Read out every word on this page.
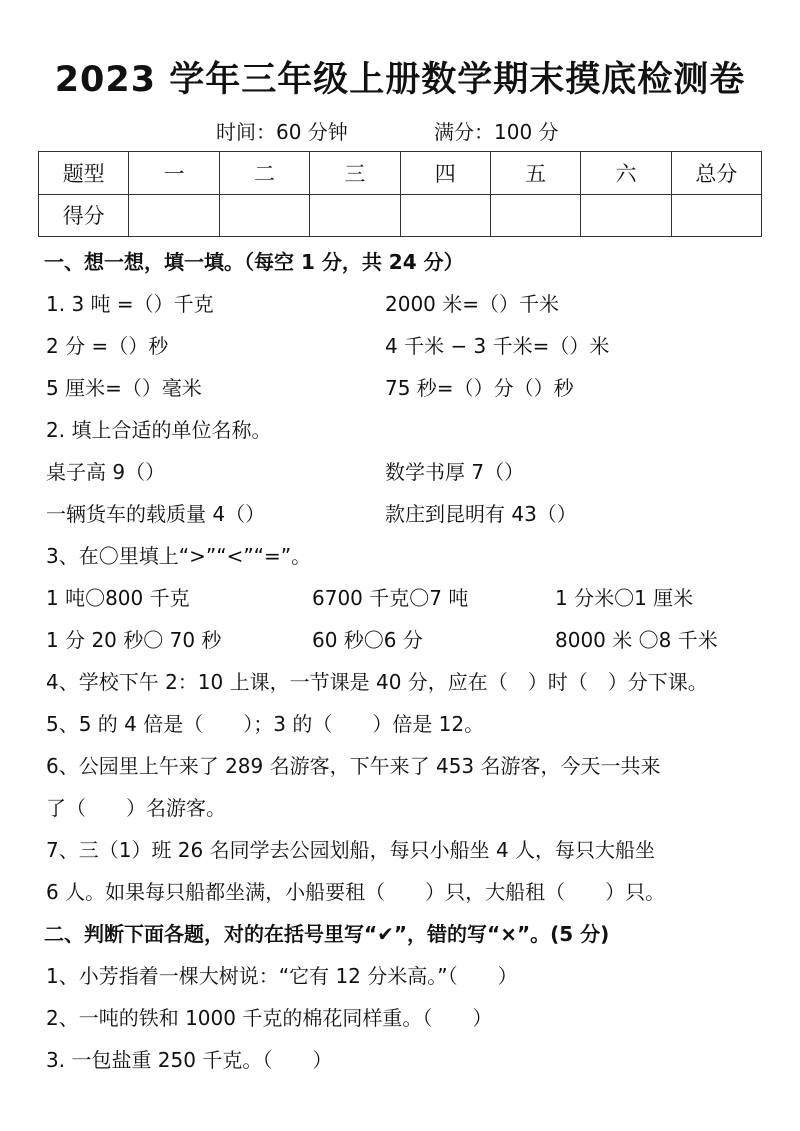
2023 学年三年级上册数学期末摸底检测卷
时间：60 分钟	满分：100 分
题型	一	二	三	四	五	六	总分
得分							
一、想一想，填一填。（每空 1 分，共 24 分）
1. 3 吨 =（）千克	2000 米=（）千米
2 分 =（）秒	4 千米 − 3 千米=（）米
5 厘米=（）毫米	75 秒=（）分（）秒
2. 填上合适的单位名称。
桌子高 9（）	数学书厚 7（）
一辆货车的载质量 4（）	款庄到昆明有 43（）
3、在〇里填上“>”“<”“=”。
1 吨〇800 千克	6700 千克〇7 吨	1 分米〇1 厘米
1 分 20 秒〇 70 秒	60 秒〇6 分	8000 米 〇8 千米
4、学校下午 2：10 上课，一节课是 40 分，应在（　）时（　）分下课。
5、5 的 4 倍是（　　）；3 的（　　）倍是 12。
6、公园里上午来了 289 名游客，下午来了 453 名游客，今天一共来
了（　　）名游客。
7、三（1）班 26 名同学去公园划船，每只小船坐 4 人，每只大船坐
6 人。如果每只船都坐满，小船要租（　　）只，大船租（　　）只。
二、判断下面各题，对的在括号里写“✔”，错的写“×”。(5 分)
1、小芳指着一棵大树说：“它有 12 分米高。”（　　）
2、一吨的铁和 1000 千克的棉花同样重。（　　）
3. 一包盐重 250 千克。（　　）
